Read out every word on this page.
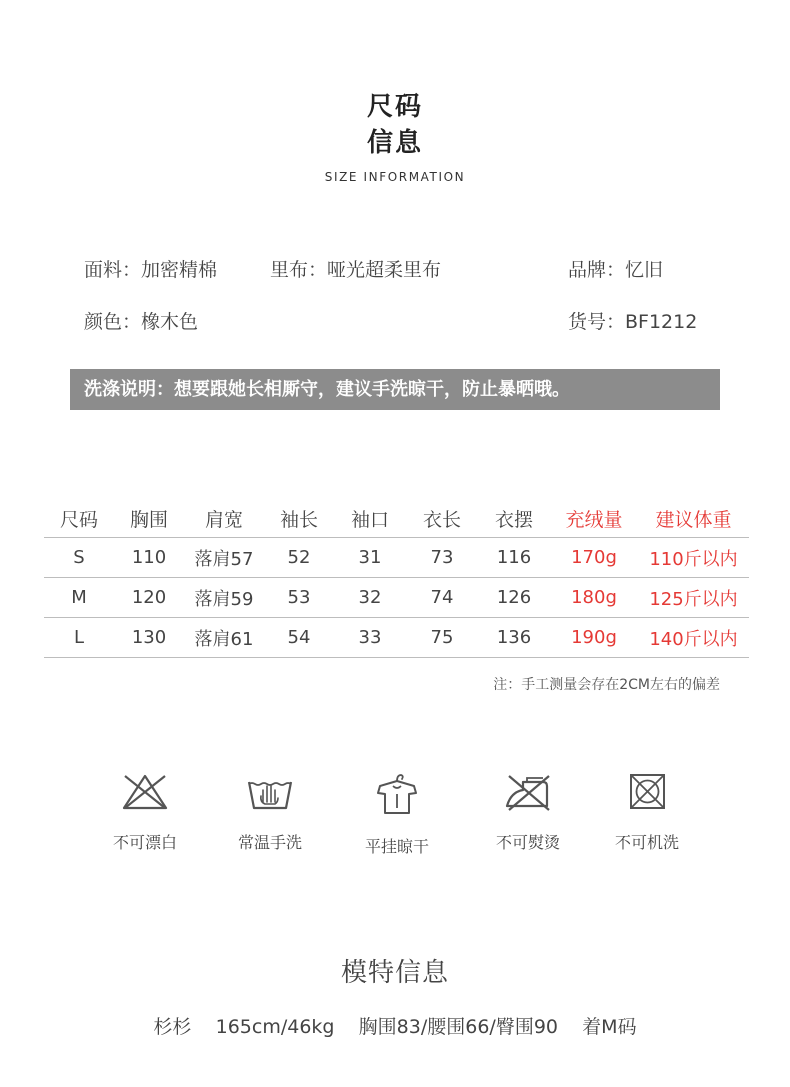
尺码
信息
SIZE INFORMATION
面料：加密精棉	里布：哑光超柔里布	品牌：忆旧
颜色：橡木色	货号：BF1212
洗涤说明：想要跟她长相厮守，建议手洗晾干，防止暴晒哦。
尺码	胸围	肩宽	袖长	袖口	衣长	衣摆	充绒量	建议体重
S	110	落肩57	52	31	73	116	170g	110斤以内
M	120	落肩59	53	32	74	126	180g	125斤以内
L	130	落肩61	54	33	75	136	190g	140斤以内
注：手工测量会存在2CM左右的偏差
不可漂白	常温手洗	平挂晾干	不可熨烫	不可机洗
模特信息
杉杉 165cm/46kg 胸围83/腰围66/臀围90 着M码
